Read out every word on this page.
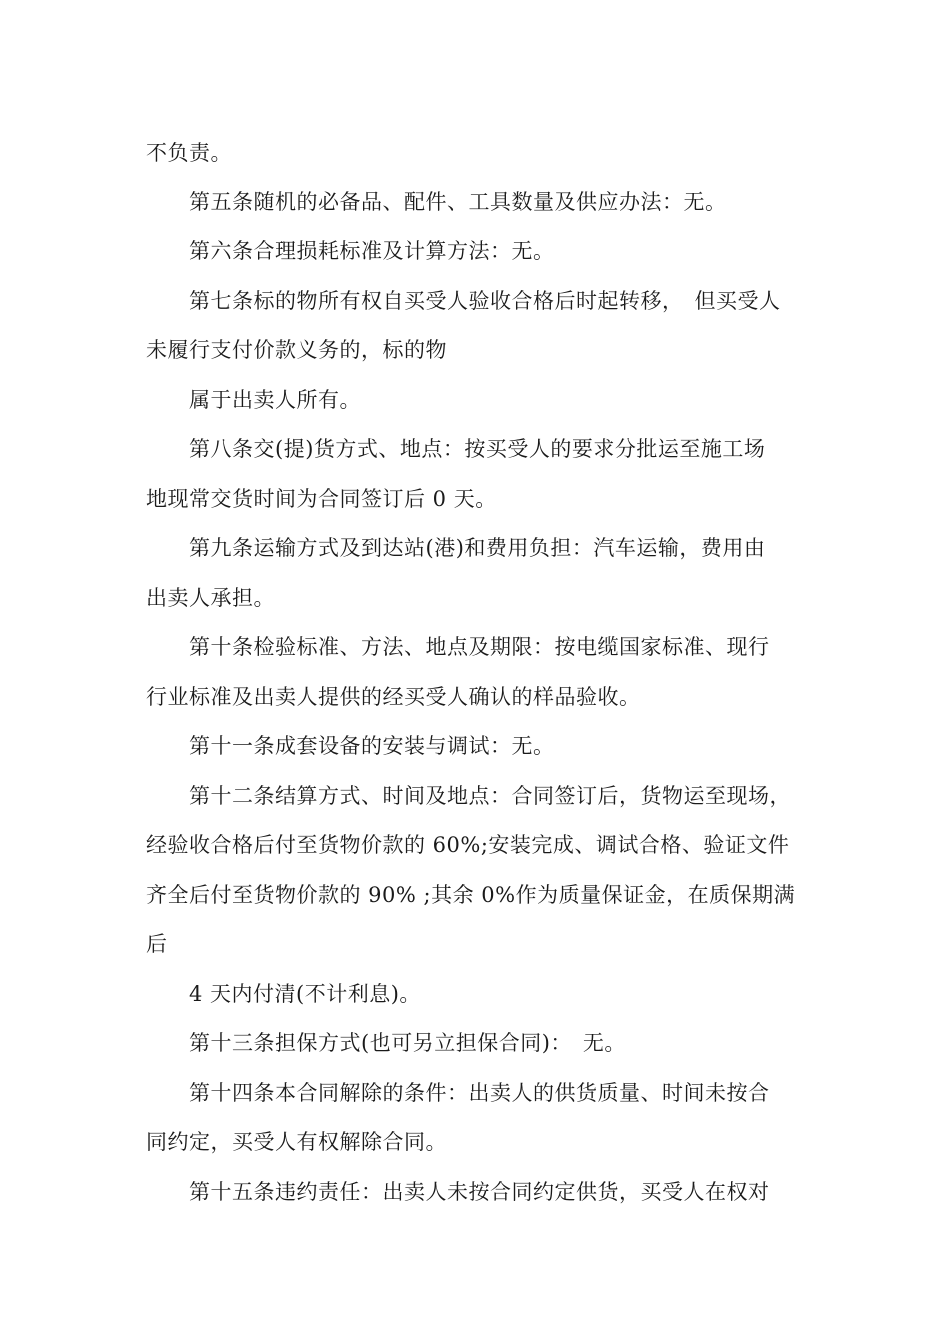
不负责。
第五条随机的必备品、配件、工具数量及供应办法：无。
第六条合理损耗标准及计算方法：无。
第七条标的物所有权自买受人验收合格后时起转移，　但买受人
未履行支付价款义务的，标的物
属于出卖人所有。
第八条交(提)货方式、地点：按买受人的要求分批运至施工场
地现常交货时间为合同签订后 0 天。
第九条运输方式及到达站(港)和费用负担：汽车运输，费用由
出卖人承担。
第十条检验标准、方法、地点及期限：按电缆国家标准、现行
行业标准及出卖人提供的经买受人确认的样品验收。
第十一条成套设备的安装与调试：无。
第十二条结算方式、时间及地点：合同签订后，货物运至现场，
经验收合格后付至货物价款的 60%;安装完成、调试合格、验证文件
齐全后付至货物价款的 90% ;其余 0%作为质量保证金，在质保期满
后
4 天内付清(不计利息)。
第十三条担保方式(也可另立担保合同)：　无。
第十四条本合同解除的条件：出卖人的供货质量、时间未按合
同约定，买受人有权解除合同。
第十五条违约责任：出卖人未按合同约定供货，买受人在权对
